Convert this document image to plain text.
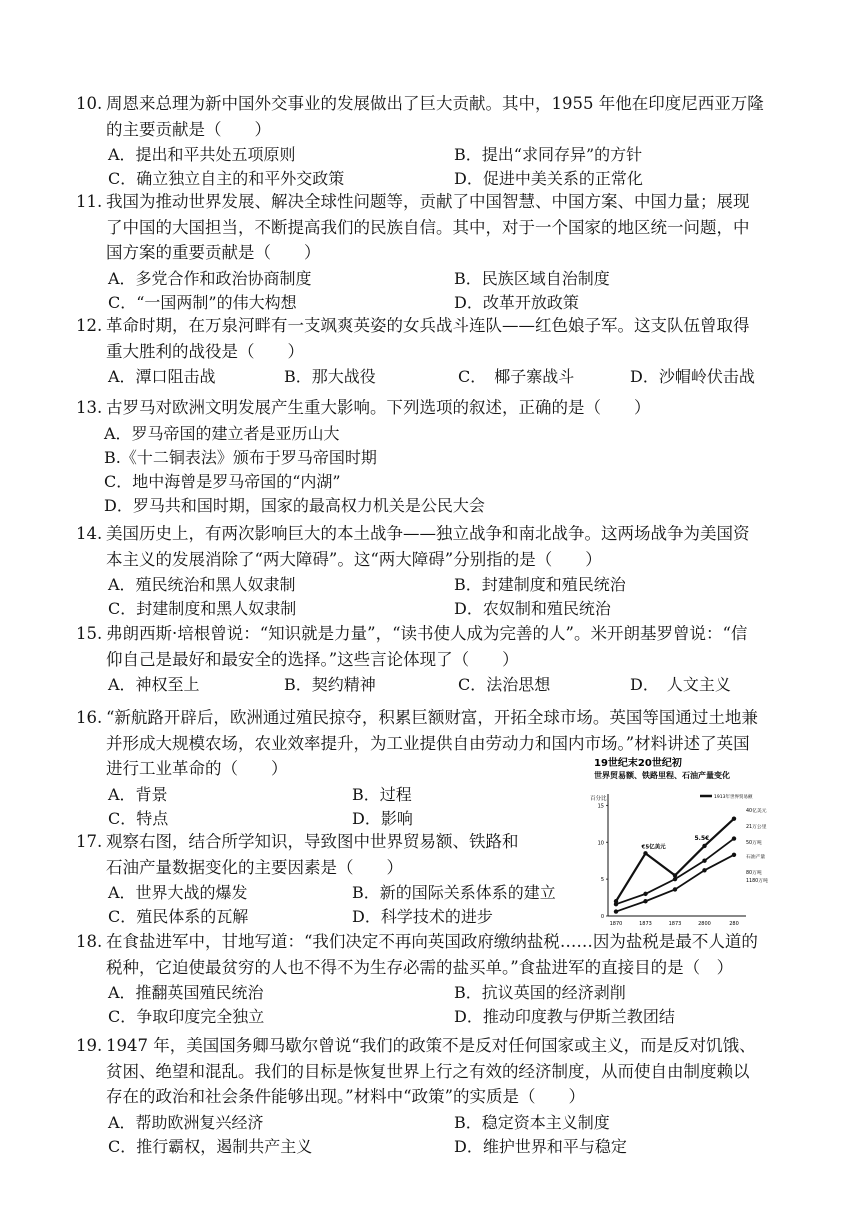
10. 周恩来总理为新中国外交事业的发展做出了巨大贡献。其中，1955 年他在印度尼西亚万隆
的主要贡献是（　　）
A．提出和平共处五项原则	B．提出“求同存异”的方针
C．确立独立自主的和平外交政策	D．促进中美关系的正常化
11. 我国为推动世界发展、解决全球性问题等，贡献了中国智慧、中国方案、中国力量；展现
了中国的大国担当，不断提高我们的民族自信。其中，对于一个国家的地区统一问题，中
国方案的重要贡献是（　　）
A．多党合作和政治协商制度	B．民族区域自治制度
C．“一国两制”的伟大构想	D．改革开放政策
12. 革命时期，在万泉河畔有一支飒爽英姿的女兵战斗连队——红色娘子军。这支队伍曾取得
重大胜利的战役是（　　）
A．潭口阻击战	B．那大战役	C．　椰子寨战斗	D．沙帽岭伏击战
13. 古罗马对欧洲文明发展产生重大影响。下列选项的叙述，正确的是（　　）
A．罗马帝国的建立者是亚历山大
B.《十二铜表法》颁布于罗马帝国时期
C．地中海曾是罗马帝国的“内湖”
D．罗马共和国时期，国家的最高权力机关是公民大会
14. 美国历史上，有两次影响巨大的本土战争——独立战争和南北战争。这两场战争为美国资
本主义的发展消除了“两大障碍”。这“两大障碍”分别指的是（　　）
A．殖民统治和黑人奴隶制	B．封建制度和殖民统治
C．封建制度和黑人奴隶制	D．农奴制和殖民统治
15. 弗朗西斯·培根曾说：“知识就是力量”，“读书使人成为完善的人”。米开朗基罗曾说：“信
仰自己是最好和最安全的选择。”这些言论体现了（　　）
A．神权至上	B．契约精神	C．法治思想	D．　人文主义
16. “新航路开辟后，欧洲通过殖民掠夺，积累巨额财富，开拓全球市场。英国等国通过土地兼
并形成大规模农场，农业效率提升，为工业提供自由劳动力和国内市场。”材料讲述了英国
进行工业革命的（　　）
A．背景	B．过程
C．特点	D．影响
17. 观察右图，结合所学知识，导致图中世界贸易额、铁路和
石油产量数据变化的主要因素是（　　）
A．世界大战的爆发	B．新的国际关系体系的建立
C．殖民体系的瓦解	D．科学技术的进步
18. 在食盐进军中，甘地写道：“我们决定不再向英国政府缴纳盐税……因为盐税是最不人道的
税种，它迫使最贫穷的人也不得不为生存必需的盐买单。”食盐进军的直接目的是（　）
A．推翻英国殖民统治	B．抗议英国的经济剥削
C．争取印度完全独立	D．推动印度教与伊斯兰教团结
19. 1947 年，美国国务卿马歇尔曾说“我们的政策不是反对任何国家或主义，而是反对饥饿、
贫困、绝望和混乱。我们的目标是恢复世界上行之有效的经济制度，从而使自由制度赖以
存在的政治和社会条件能够出现。”材料中“政策”的实质是（　　）
A．帮助欧洲复兴经济	B．稳定资本主义制度
C．推行霸权，遏制共产主义	D．维护世界和平与稳定
19世纪末20世纪初
世界贸易额、铁路里程、石油产量变化
百分比
15
10
5
0
1870	1873	1873	2800	280
1913年世界贸易额
€5亿美元
5.5€
40亿美元
21万公里
50万吨
石油产量
80万吨
1180万吨
